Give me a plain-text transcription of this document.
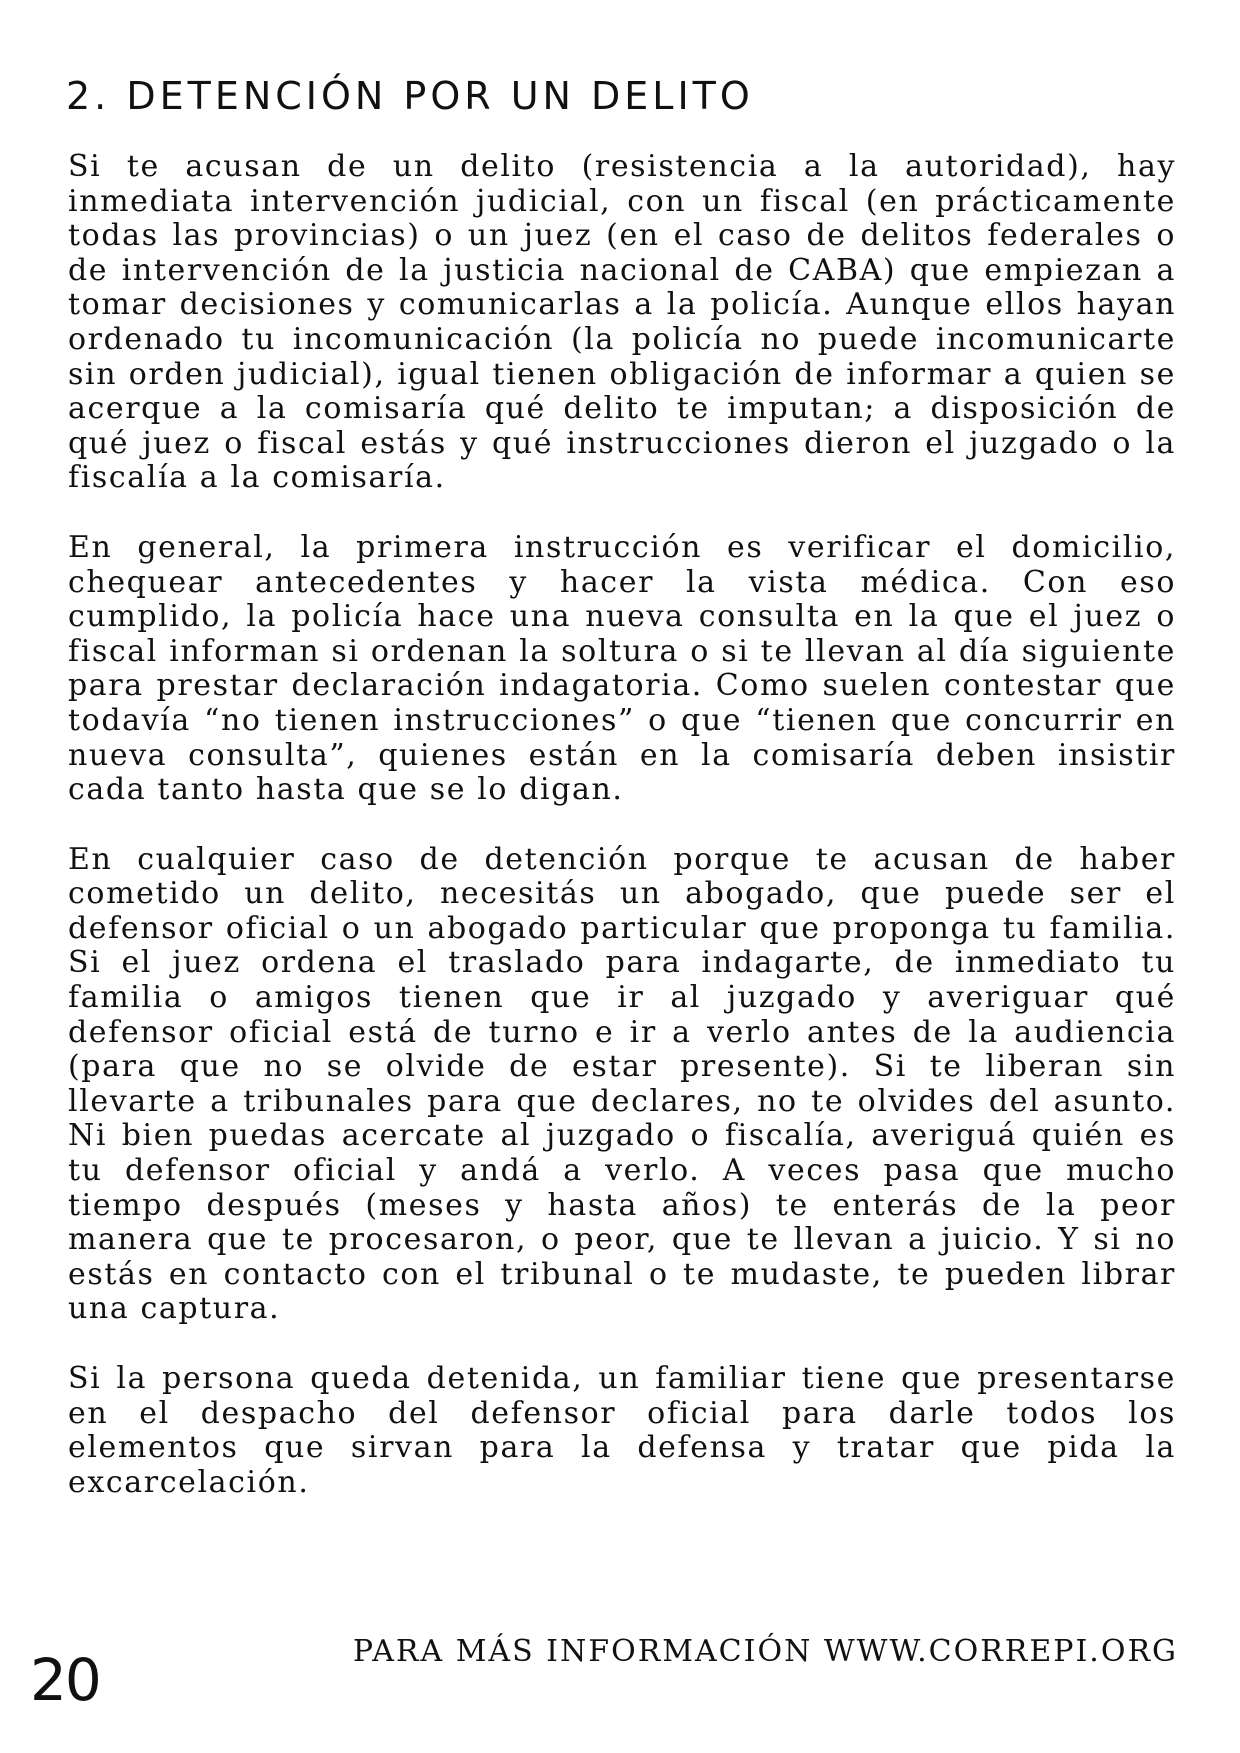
2. DETENCIÓN POR UN DELITO

Si te acusan de un delito (resistencia a la autoridad), hay inmediata intervención judicial, con un fiscal (en prácticamente todas las provincias) o un juez (en el caso de delitos federales o de intervención de la justicia nacional de CABA) que empiezan a tomar decisiones y comunicarlas a la policía. Aunque ellos hayan ordenado tu incomunicación (la policía no puede incomunicarte sin orden judicial), igual tienen obligación de informar a quien se acerque a la comisaría qué delito te imputan; a disposición de qué juez o fiscal estás y qué instrucciones dieron el juzgado o la fiscalía a la comisaría.

En general, la primera instrucción es verificar el domicilio, chequear antecedentes y hacer la vista médica. Con eso cumplido, la policía hace una nueva consulta en la que el juez o fiscal informan si ordenan la soltura o si te llevan al día siguiente para prestar declaración indagatoria. Como suelen contestar que todavía “no tienen instrucciones” o que “tienen que concurrir en nueva consulta”, quienes están en la comisaría deben insistir cada tanto hasta que se lo digan.

En cualquier caso de detención porque te acusan de haber cometido un delito, necesitás un abogado, que puede ser el defensor oficial o un abogado particular que proponga tu familia. Si el juez ordena el traslado para indagarte, de inmediato tu familia o amigos tienen que ir al juzgado y averiguar qué defensor oficial está de turno e ir a verlo antes de la audiencia (para que no se olvide de estar presente). Si te liberan sin llevarte a tribunales para que declares, no te olvides del asunto. Ni bien puedas acercate al juzgado o fiscalía, averiguá quién es tu defensor oficial y andá a verlo. A veces pasa que mucho tiempo después (meses y hasta años) te enterás de la peor manera que te procesaron, o peor, que te llevan a juicio. Y si no estás en contacto con el tribunal o te mudaste, te pueden librar una captura.

Si la persona queda detenida, un familiar tiene que presentarse en el despacho del defensor oficial para darle todos los elementos que sirvan para la defensa y tratar que pida la excarcelación.

PARA MÁS INFORMACIÓN WWW.CORREPI.ORG
20
